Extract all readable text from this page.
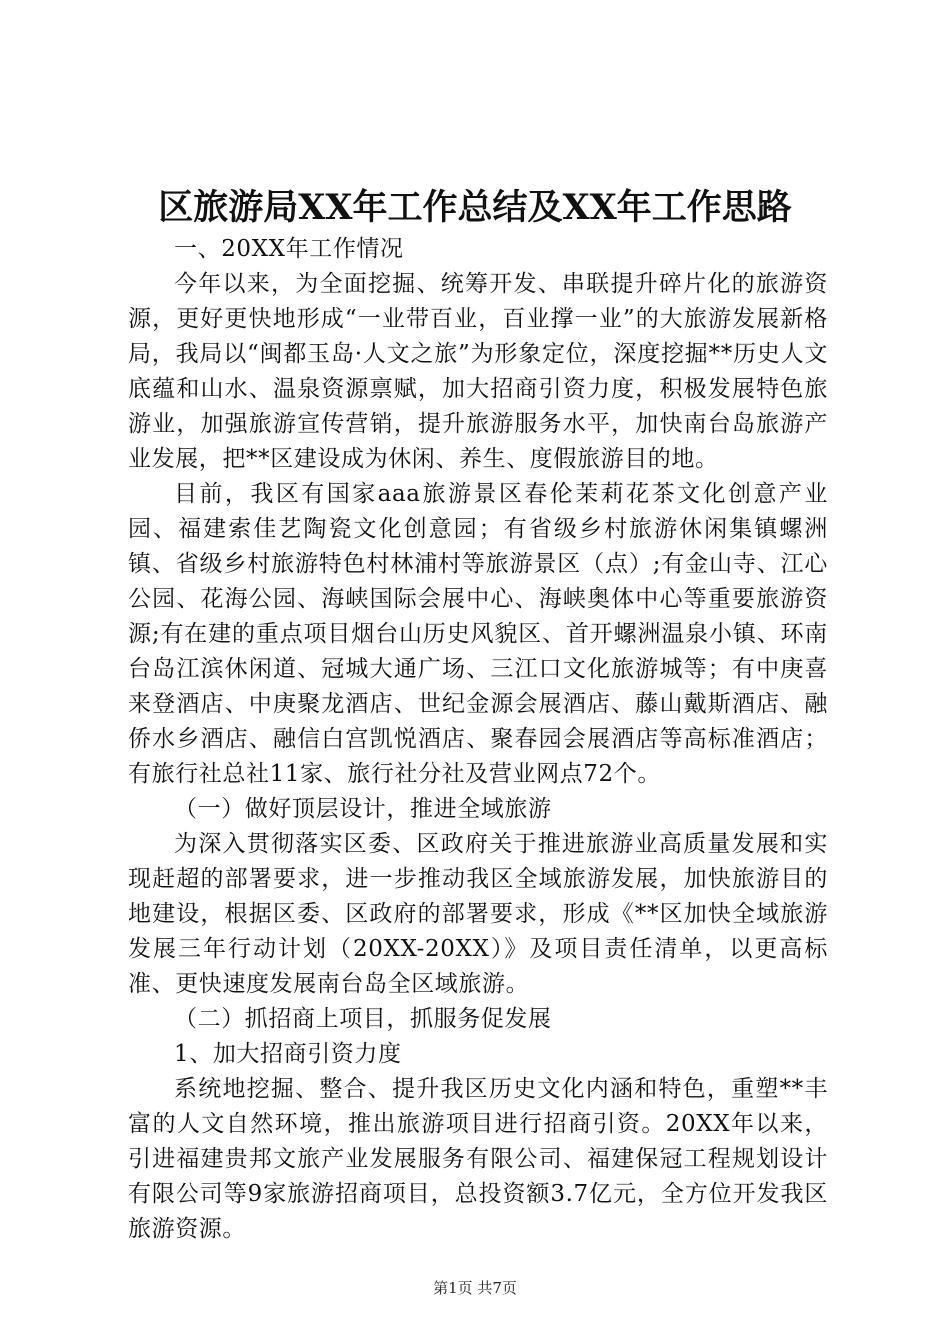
区旅游局XX年工作总结及XX年工作思路

一、20XX年工作情况

今年以来，为全面挖掘、统筹开发、串联提升碎片化的旅游资源，更好更快地形成“一业带百业，百业撑一业”的大旅游发展新格局，我局以“闽都玉岛·人文之旅”为形象定位，深度挖掘**历史人文底蕴和山水、温泉资源禀赋，加大招商引资力度，积极发展特色旅游业，加强旅游宣传营销，提升旅游服务水平，加快南台岛旅游产业发展，把**区建设成为休闲、养生、度假旅游目的地。

目前，我区有国家aaa旅游景区春伦茉莉花茶文化创意产业园、福建索佳艺陶瓷文化创意园；有省级乡村旅游休闲集镇螺洲镇、省级乡村旅游特色村林浦村等旅游景区（点）;有金山寺、江心公园、花海公园、海峡国际会展中心、海峡奥体中心等重要旅游资源;有在建的重点项目烟台山历史风貌区、首开螺洲温泉小镇、环南台岛江滨休闲道、冠城大通广场、三江口文化旅游城等；有中庚喜来登酒店、中庚聚龙酒店、世纪金源会展酒店、藤山戴斯酒店、融侨水乡酒店、融信白宫凯悦酒店、聚春园会展酒店等高标准酒店；有旅行社总社11家、旅行社分社及营业网点72个。

（一）做好顶层设计，推进全域旅游

为深入贯彻落实区委、区政府关于推进旅游业高质量发展和实现赶超的部署要求，进一步推动我区全域旅游发展，加快旅游目的地建设，根据区委、区政府的部署要求，形成《**区加快全域旅游发展三年行动计划（20XX-20XX）》及项目责任清单，以更高标准、更快速度发展南台岛全区域旅游。

（二）抓招商上项目，抓服务促发展

1、加大招商引资力度

系统地挖掘、整合、提升我区历史文化内涵和特色，重塑**丰富的人文自然环境，推出旅游项目进行招商引资。20XX年以来，引进福建贵邦文旅产业发展服务有限公司、福建保冠工程规划设计有限公司等9家旅游招商项目，总投资额3.7亿元，全方位开发我区旅游资源。

第1页 共7页
